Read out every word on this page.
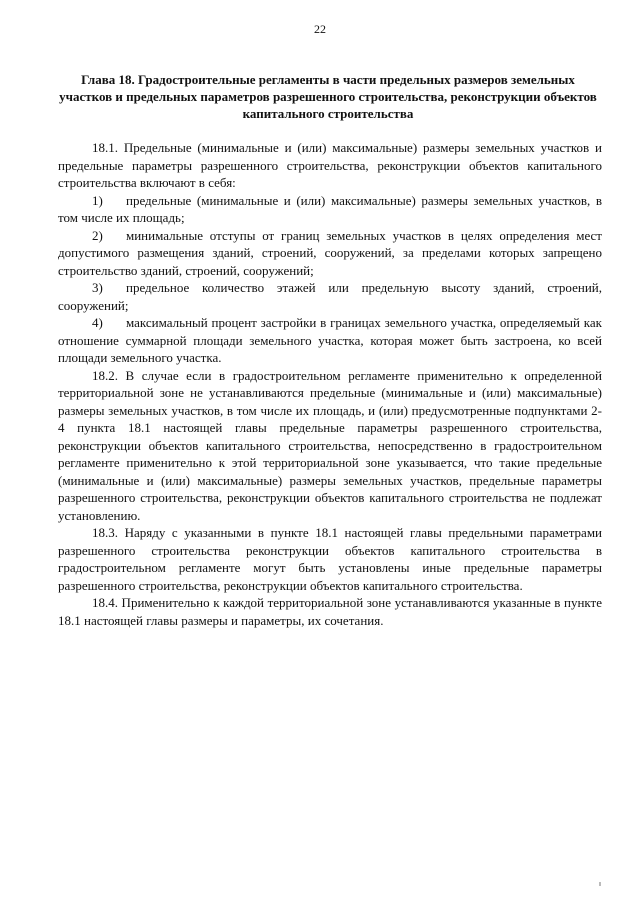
22
Глава 18. Градостроительные регламенты в части предельных размеров земельных участков и предельных параметров разрешенного строительства, реконструкции объектов капитального строительства

18.1. Предельные (минимальные и (или) максимальные) размеры земельных участков и предельные параметры разрешенного строительства, реконструкции объектов капитального строительства включают в себя:

1) предельные (минимальные и (или) максимальные) размеры земельных участков, в том числе их площадь;

2) минимальные отступы от границ земельных участков в целях определения мест допустимого размещения зданий, строений, сооружений, за пределами которых запрещено строительство зданий, строений, сооружений;

3) предельное количество этажей или предельную высоту зданий, строений, сооружений;

4) максимальный процент застройки в границах земельного участка, определяемый как отношение суммарной площади земельного участка, которая может быть застроена, ко всей площади земельного участка.

18.2. В случае если в градостроительном регламенте применительно к определенной территориальной зоне не устанавливаются предельные (минимальные и (или) максимальные) размеры земельных участков, в том числе их площадь, и (или) предусмотренные подпунктами 2-4 пункта 18.1 настоящей главы предельные параметры разрешенного строительства, реконструкции объектов капитального строительства, непосредственно в градостроительном регламенте применительно к этой территориальной зоне указывается, что такие предельные (минимальные и (или) максимальные) размеры земельных участков, предельные параметры разрешенного строительства, реконструкции объектов капитального строительства не подлежат установлению.

18.3. Наряду с указанными в пункте 18.1 настоящей главы предельными параметрами разрешенного строительства реконструкции объектов капитального строительства в градостроительном регламенте могут быть установлены иные предельные параметры разрешенного строительства, реконструкции объектов капитального строительства.

18.4. Применительно к каждой территориальной зоне устанавливаются указанные в пункте 18.1 настоящей главы размеры и параметры, их сочетания.
